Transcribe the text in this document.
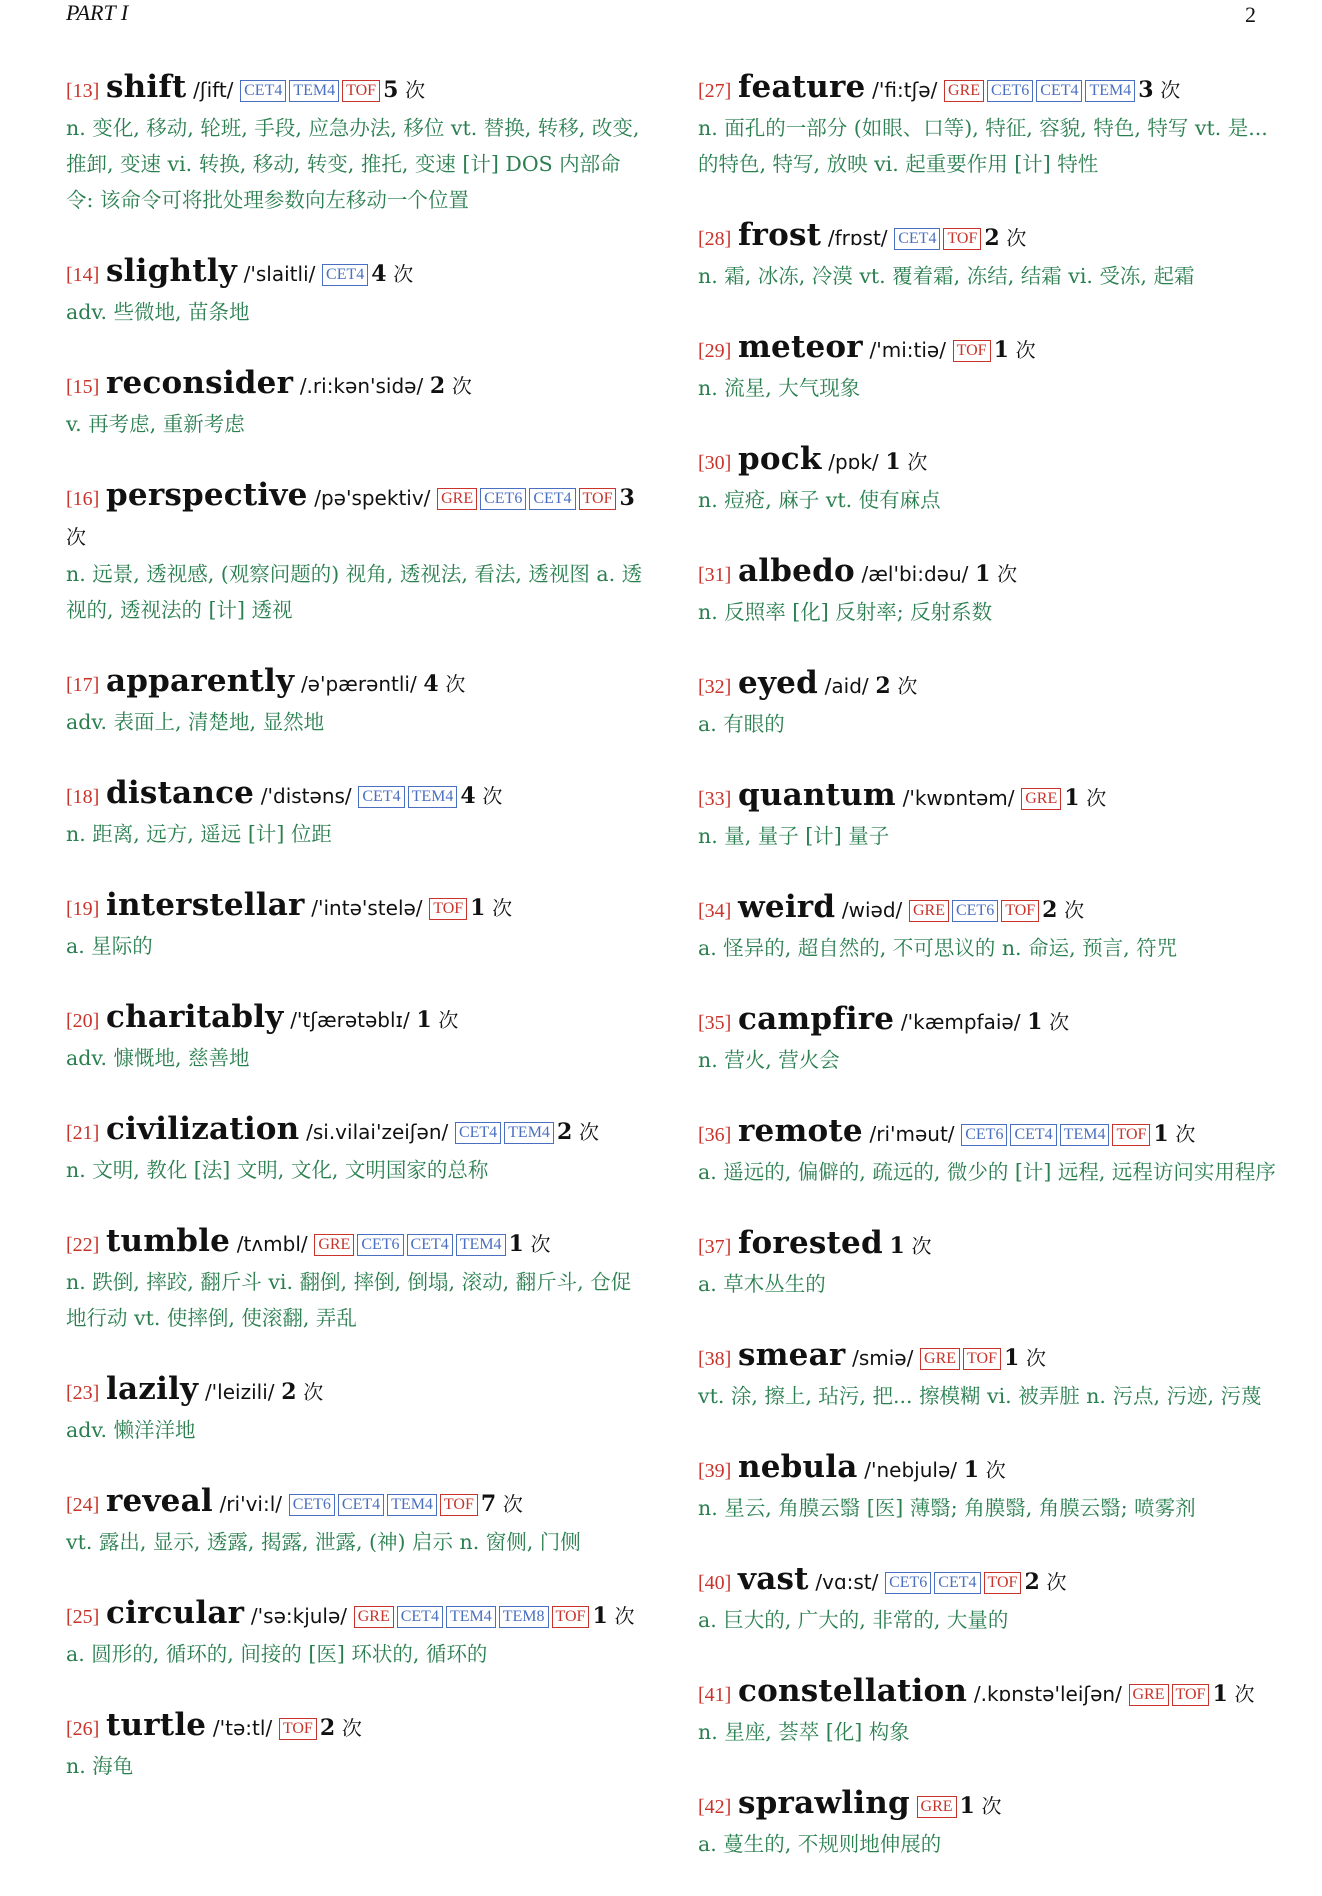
PART I	2
[13] shift /ʃift/ CET4 TEM4 TOF 5 次
n. 变化, 移动, 轮班, 手段, 应急办法, 移位 vt. 替换, 转移, 改变, 推卸, 变速 vi. 转换, 移动, 转变, 推托, 变速 [计] DOS 内部命令: 该命令可将批处理参数向左移动一个位置
[14] slightly /'slaitli/ CET4 4 次
adv. 些微地, 苗条地
[15] reconsider /.ri:kən'sidə/ 2 次
v. 再考虑, 重新考虑
[16] perspective /pə'spektiv/ GRE CET6 CET4 TOF 3 次
n. 远景, 透视感, (观察问题的) 视角, 透视法, 看法, 透视图 a. 透视的, 透视法的 [计] 透视
[17] apparently /ə'pærəntli/ 4 次
adv. 表面上, 清楚地, 显然地
[18] distance /'distəns/ CET4 TEM4 4 次
n. 距离, 远方, 遥远 [计] 位距
[19] interstellar /'intə'stelə/ TOF 1 次
a. 星际的
[20] charitably /'tʃærətəblɪ/ 1 次
adv. 慷慨地, 慈善地
[21] civilization /si.vilai'zeiʃən/ CET4 TEM4 2 次
n. 文明, 教化 [法] 文明, 文化, 文明国家的总称
[22] tumble /tʌmbl/ GRE CET6 CET4 TEM4 1 次
n. 跌倒, 摔跤, 翻斤斗 vi. 翻倒, 摔倒, 倒塌, 滚动, 翻斤斗, 仓促地行动 vt. 使摔倒, 使滚翻, 弄乱
[23] lazily /'leizili/ 2 次
adv. 懒洋洋地
[24] reveal /ri'vi:l/ CET6 CET4 TEM4 TOF 7 次
vt. 露出, 显示, 透露, 揭露, 泄露, (神) 启示 n. 窗侧, 门侧
[25] circular /'sə:kjulə/ GRE CET4 TEM4 TEM8 TOF 1 次
a. 圆形的, 循环的, 间接的 [医] 环状的, 循环的
[26] turtle /'tə:tl/ TOF 2 次
n. 海龟
[27] feature /'fi:tʃə/ GRE CET6 CET4 TEM4 3 次
n. 面孔的一部分 (如眼、口等), 特征, 容貌, 特色, 特写 vt. 是... 的特色, 特写, 放映 vi. 起重要作用 [计] 特性
[28] frost /frɒst/ CET4 TOF 2 次
n. 霜, 冰冻, 冷漠 vt. 覆着霜, 冻结, 结霜 vi. 受冻, 起霜
[29] meteor /'mi:tiə/ TOF 1 次
n. 流星, 大气现象
[30] pock /pɒk/ 1 次
n. 痘疮, 麻子 vt. 使有麻点
[31] albedo /æl'bi:dəu/ 1 次
n. 反照率 [化] 反射率; 反射系数
[32] eyed /aid/ 2 次
a. 有眼的
[33] quantum /'kwɒntəm/ GRE 1 次
n. 量, 量子 [计] 量子
[34] weird /wiəd/ GRE CET6 TOF 2 次
a. 怪异的, 超自然的, 不可思议的 n. 命运, 预言, 符咒
[35] campfire /'kæmpfaiə/ 1 次
n. 营火, 营火会
[36] remote /ri'məut/ CET6 CET4 TEM4 TOF 1 次
a. 遥远的, 偏僻的, 疏远的, 微少的 [计] 远程, 远程访问实用程序
[37] forested 1 次
a. 草木丛生的
[38] smear /smiə/ GRE TOF 1 次
vt. 涂, 擦上, 玷污, 把... 擦模糊 vi. 被弄脏 n. 污点, 污迹, 污蔑
[39] nebula /'nebjulə/ 1 次
n. 星云, 角膜云翳 [医] 薄翳; 角膜翳, 角膜云翳; 喷雾剂
[40] vast /vɑ:st/ CET6 CET4 TOF 2 次
a. 巨大的, 广大的, 非常的, 大量的
[41] constellation /.kɒnstə'leiʃən/ GRE TOF 1 次
n. 星座, 荟萃 [化] 构象
[42] sprawling GRE 1 次
a. 蔓生的, 不规则地伸展的
